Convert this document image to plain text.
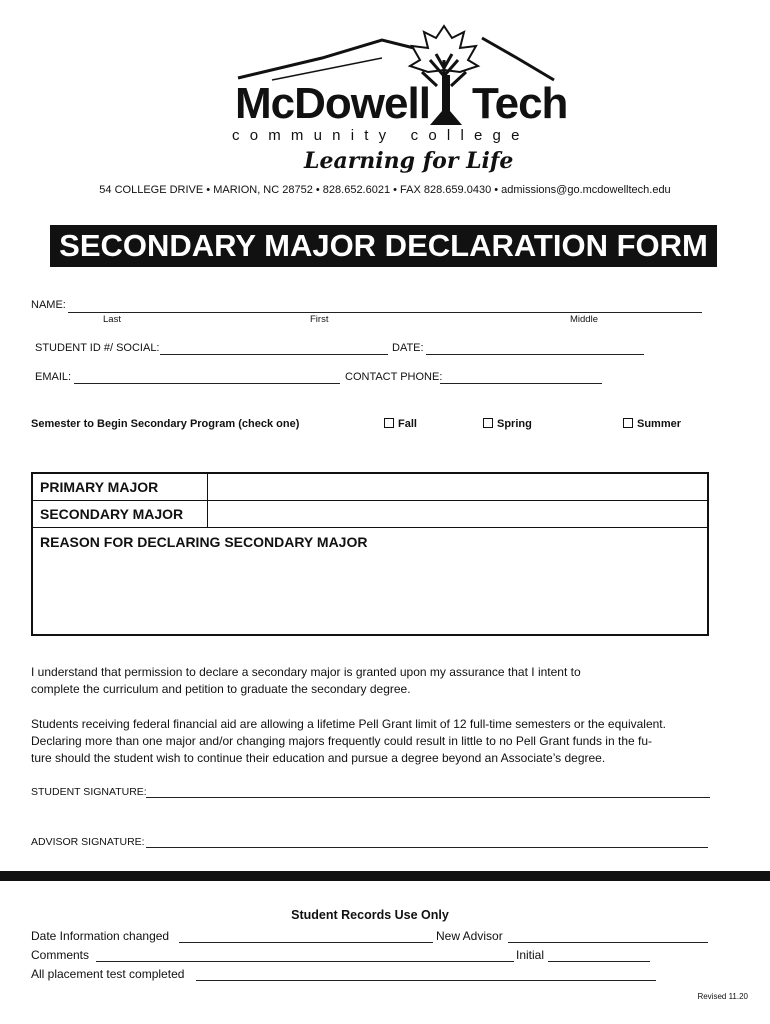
McDowell Tech
community college
Learning for Life
54 COLLEGE DRIVE • MARION, NC 28752 • 828.652.6021 • FAX 828.659.0430 • admissions@go.mcdowelltech.edu
SECONDARY MAJOR DECLARATION FORM
NAME:
Last	First	Middle
STUDENT ID #/ SOCIAL:	DATE:
EMAIL:	CONTACT PHONE:
Semester to Begin Secondary Program (check one)	Fall	Spring	Summer
PRIMARY MAJOR
SECONDARY MAJOR
REASON FOR DECLARING SECONDARY MAJOR
I understand that permission to declare a secondary major is granted upon my assurance that I intent to
complete the curriculum and petition to graduate the secondary degree.
Students receiving federal financial aid are allowing a lifetime Pell Grant limit of 12 full-time semesters or the equivalent.
Declaring more than one major and/or changing majors frequently could result in little to no Pell Grant funds in the fu-
ture should the student wish to continue their education and pursue a degree beyond an Associate’s degree.
STUDENT SIGNATURE:
ADVISOR SIGNATURE:
Student Records Use Only
Date Information changed	New Advisor
Comments	Initial
All placement test completed
Revised 11.20
